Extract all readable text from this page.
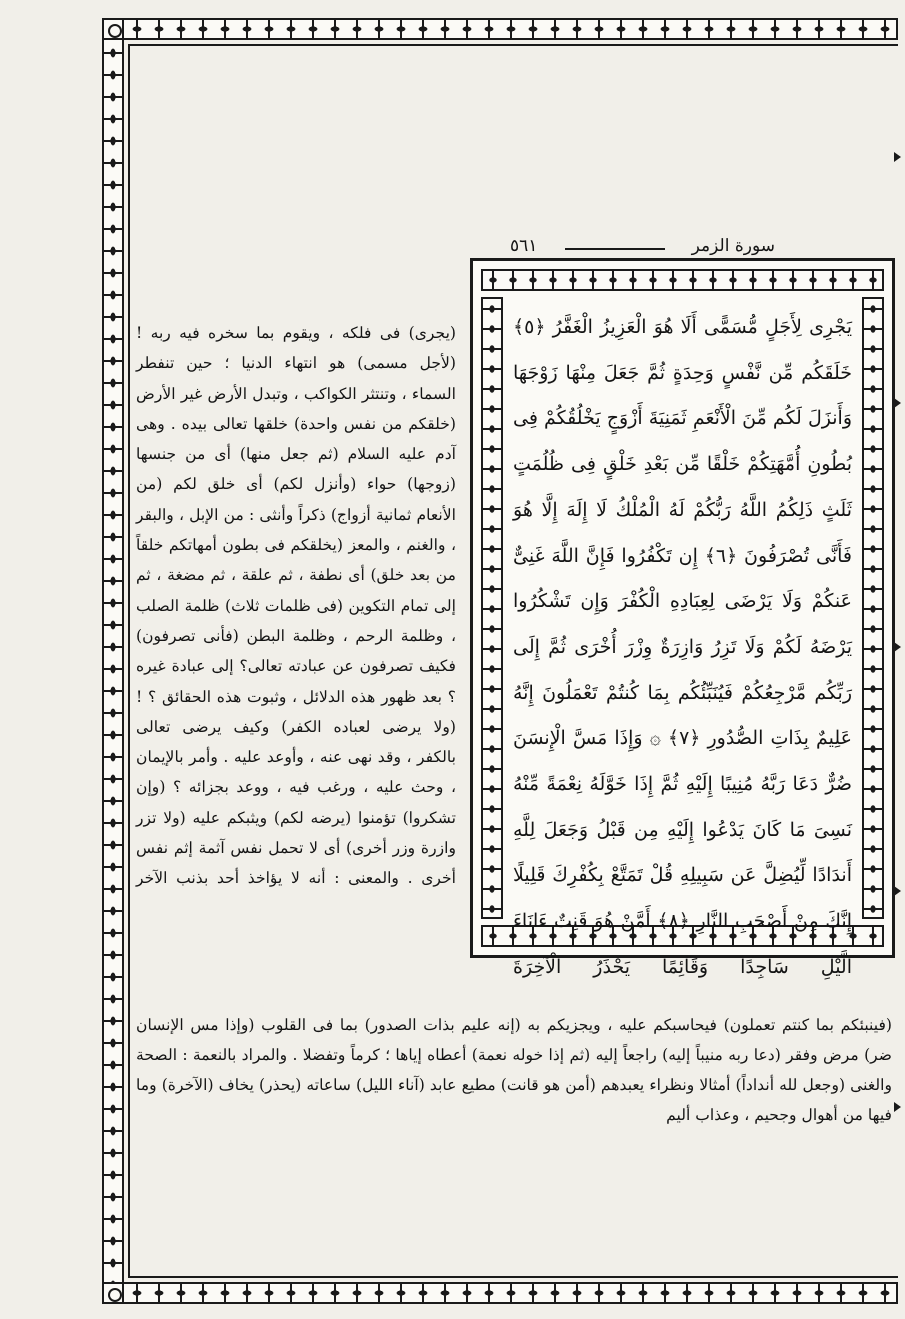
سورة الزمر
٥٦١

يَجْرِى لِأَجَلٍ مُّسَمًّى أَلَا هُوَ الْعَزِيزُ الْغَفَّرُ ﴿٥﴾ خَلَقَكُم مِّن نَّفْسٍ وَحِدَةٍ ثُمَّ جَعَلَ مِنْهَا زَوْجَهَا وَأَنزَلَ لَكُم مِّنَ الْأَنْعَمِ ثَمَنِيَةَ أَزْوَجٍ يَخْلُقُكُمْ فِى بُطُونِ أُمَّهَتِكُمْ خَلْقًا مِّن بَعْدِ خَلْقٍ فِى ظُلُمَتٍ ثَلَثٍ ذَلِكُمُ اللَّهُ رَبُّكُمْ لَهُ الْمُلْكُ لَا إِلَهَ إِلَّا هُوَ فَأَنَّى تُصْرَفُونَ ﴿٦﴾ إِن تَكْفُرُوا فَإِنَّ اللَّهَ غَنِىٌّ عَنكُمْ وَلَا يَرْضَى لِعِبَادِهِ الْكُفْرَ وَإِن تَشْكُرُوا يَرْضَهُ لَكُمْ وَلَا تَزِرُ وَازِرَةٌ وِزْرَ أُخْرَى ثُمَّ إِلَى رَبِّكُم مَّرْجِعُكُمْ فَيُنَبِّئُكُم بِمَا كُنتُمْ تَعْمَلُونَ إِنَّهُ عَلِيمٌ بِذَاتِ الصُّدُورِ ﴿٧﴾ ۞ وَإِذَا مَسَّ الْإِنسَنَ ضُرٌّ دَعَا رَبَّهُ مُنِيبًا إِلَيْهِ ثُمَّ إِذَا خَوَّلَهُ نِعْمَةً مِّنْهُ نَسِىَ مَا كَانَ يَدْعُوا إِلَيْهِ مِن قَبْلُ وَجَعَلَ لِلَّهِ أَندَادًا لِّيُضِلَّ عَن سَبِيلِهِ قُلْ تَمَتَّعْ بِكُفْرِكَ قَلِيلًا إِنَّكَ مِنْ أَصْحَبِ النَّارِ ﴿٨﴾ أَمَّنْ هُوَ قَنِتٌ ءَانَاءَ الَّيْلِ سَاجِدًا وَقَائِمًا يَحْذَرُ الْآخِرَةَ

(يجرى) فى فلكه ، ويقوم بما سخره فيه ربه ! (لأجل مسمى) هو انتهاء الدنيا ؛ حين تنفطر السماء ، وتنتثر الكواكب ، وتبدل الأرض غير الأرض (خلقكم من نفس واحدة) خلقها تعالى بيده . وهى آدم عليه السلام (ثم جعل منها) أى من جنسها (زوجها) حواء (وأنزل لكم) أى خلق لكم (من الأنعام ثمانية أزواج) ذكراً وأنثى : من الإبل ، والبقر ، والغنم ، والمعز (يخلقكم فى بطون أمهاتكم خلقاً من بعد خلق) أى نطفة ، ثم علقة ، ثم مضغة ، ثم إلى تمام التكوين (فى ظلمات ثلاث) ظلمة الصلب ، وظلمة الرحم ، وظلمة البطن (فأنى تصرفون) فكيف تصرفون عن عبادته تعالى؟ إلى عبادة غيره ؟ بعد ظهور هذه الدلائل ، وثبوت هذه الحقائق ؟ ! (ولا يرضى لعباده الكفر) وكيف يرضى تعالى بالكفر ، وقد نهى عنه ، وأوعد عليه . وأمر بالإيمان ، وحث عليه ، ورغب فيه ، ووعد بجزائه ؟ (وإن تشكروا) تؤمنوا (يرضه لكم) ويثبكم عليه (ولا تزر وازرة وزر أخرى) أى لا تحمل نفس آثمة إثم نفس أخرى . والمعنى : أنه لا يؤاخذ أحد بذنب الآخر

(فينبئكم بما كنتم تعملون) فيحاسبكم عليه ، ويجزيكم به (إنه عليم بذات الصدور) بما فى القلوب (وإذا مس الإنسان ضر) مرض وفقر (دعا ربه منيباً إليه) راجعاً إليه (ثم إذا خوله نعمة) أعطاه إياها ؛ كرماً وتفضلا . والمراد بالنعمة : الصحة والغنى (وجعل لله أنداداً) أمثالا ونظراء يعبدهم (أمن هو قانت) مطيع عابد (آناء الليل) ساعاته (يحذر) يخاف (الآخرة) وما فيها من أهوال وجحيم ، وعذاب أليم
